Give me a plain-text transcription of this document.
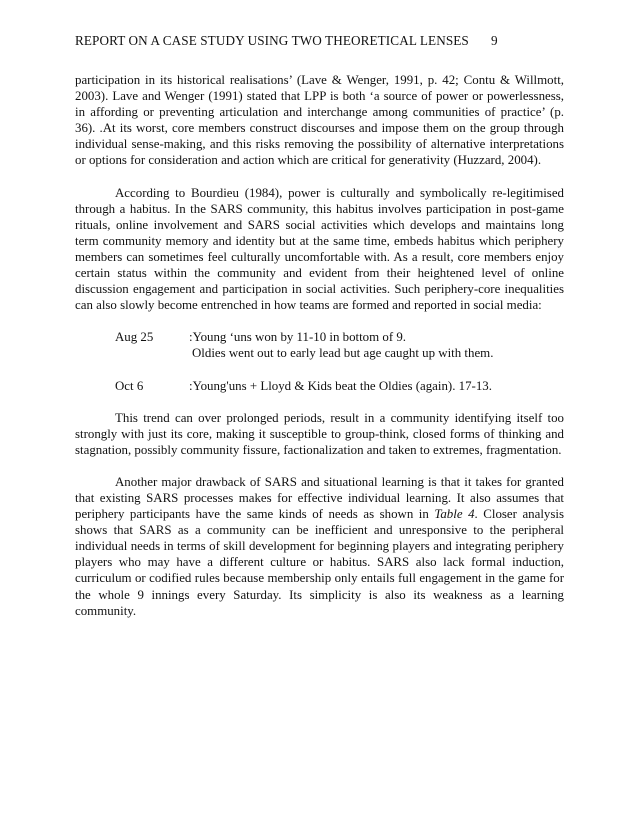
REPORT ON A CASE STUDY USING TWO THEORETICAL LENSES 9

participation in its historical realisations’ (Lave & Wenger, 1991, p. 42; Contu & Willmott, 2003). Lave and Wenger (1991) stated that LPP is both ‘a source of power or powerlessness, in affording or preventing articulation and interchange among communities of practice’ (p. 36). .At its worst, core members construct discourses and impose them on the group through individual sense-making, and this risks removing the possibility of alternative interpretations or options for consideration and action which are critical for generativity (Huzzard, 2004).

According to Bourdieu (1984), power is culturally and symbolically re-legitimised through a habitus. In the SARS community, this habitus involves participation in post-game rituals, online involvement and SARS social activities which develops and maintains long term community memory and identity but at the same time, embeds habitus which periphery members can sometimes feel culturally uncomfortable with. As a result, core members enjoy certain status within the community and evident from their heightened level of online discussion engagement and participation in social activities. Such periphery-core inequalities can also slowly become entrenched in how teams are formed and reported in social media:

Aug 25	:Young ‘uns won by 11-10 in bottom of 9.
Oldies went out to early lead but age caught up with them.
Oct 6	:Young'uns + Lloyd & Kids beat the Oldies (again). 17-13.

This trend can over prolonged periods, result in a community identifying itself too strongly with just its core, making it susceptible to group-think, closed forms of thinking and stagnation, possibly community fissure, factionalization and taken to extremes, fragmentation.

Another major drawback of SARS and situational learning is that it takes for granted that existing SARS processes makes for effective individual learning. It also assumes that periphery participants have the same kinds of needs as shown in Table 4. Closer analysis shows that SARS as a community can be inefficient and unresponsive to the peripheral individual needs in terms of skill development for beginning players and integrating periphery players who may have a different culture or habitus. SARS also lack formal induction, curriculum or codified rules because membership only entails full engagement in the game for the whole 9 innings every Saturday. Its simplicity is also its weakness as a learning community.
